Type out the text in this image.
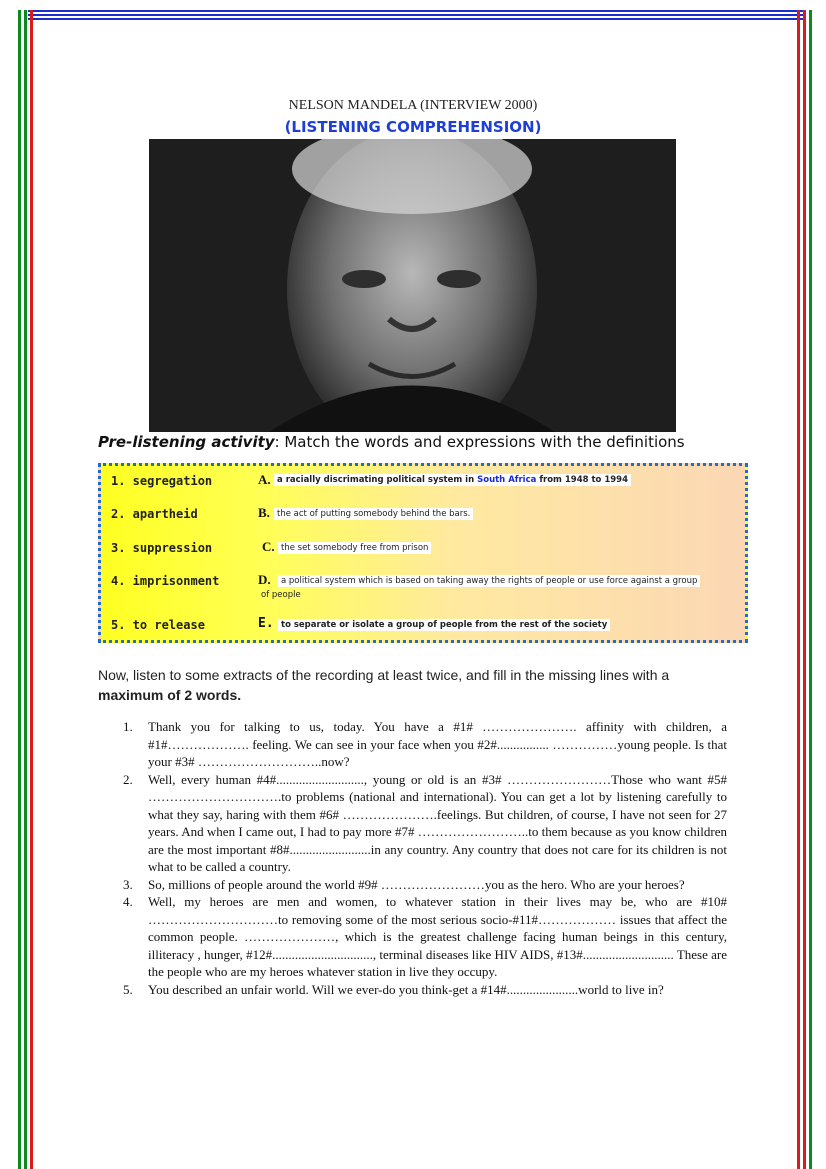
NELSON MANDELA (INTERVIEW 2000)
(LISTENING COMPREHENSION)
Pre-listening activity: Match the words and expressions with the definitions
1. segregation
2. apartheid
3. suppression
4. imprisonment
5. to release
A.
B.
C.
D.
E.
a racially discrimating political system in South Africa from 1948 to 1994
the act of putting somebody behind the bars.
the set somebody free from prison
a political system which is based on taking away the rights of people or use force against a group
of people
to separate or isolate a group of people from the rest of the society
Now, listen to some extracts of the recording at least twice, and fill in the missing lines with a
maximum of 2 words.
1. Thank you for talking to us, today. You have a #1# …………………. affinity with children, a #1#………………. feeling. We can see in your face when you #2#................ ……………young people. Is that your #3# ………………………..now?
2. Well, every human #4#..........................., young or old is an #3# ……………………Those who want #5# ………………………….to problems (national and international). You can get a lot by listening carefully to what they say, haring with them #6# ………………….feelings. But children, of course, I have not seen for 27 years. And when I came out, I had to pay more #7# ……………………..to them because as you know children are the most important #8#.........................in any country. Any country that does not care for its children is not what to be called a country.
3. So, millions of people around the world #9# ……………………you as the hero. Who are your heroes?
4. Well, my heroes are men and women, to whatever station in their lives may be, who are #10# …………………………to removing some of the most serious socio-#11#……………… issues that affect the common people. …………………, which is the greatest challenge facing human beings in this century, illiteracy , hunger, #12#..............................., terminal diseases like HIV AIDS, #13#............................ These are the people who are my heroes whatever station in live they occupy.
5. You described an unfair world. Will we ever-do you think-get a #14#......................world to live in?
